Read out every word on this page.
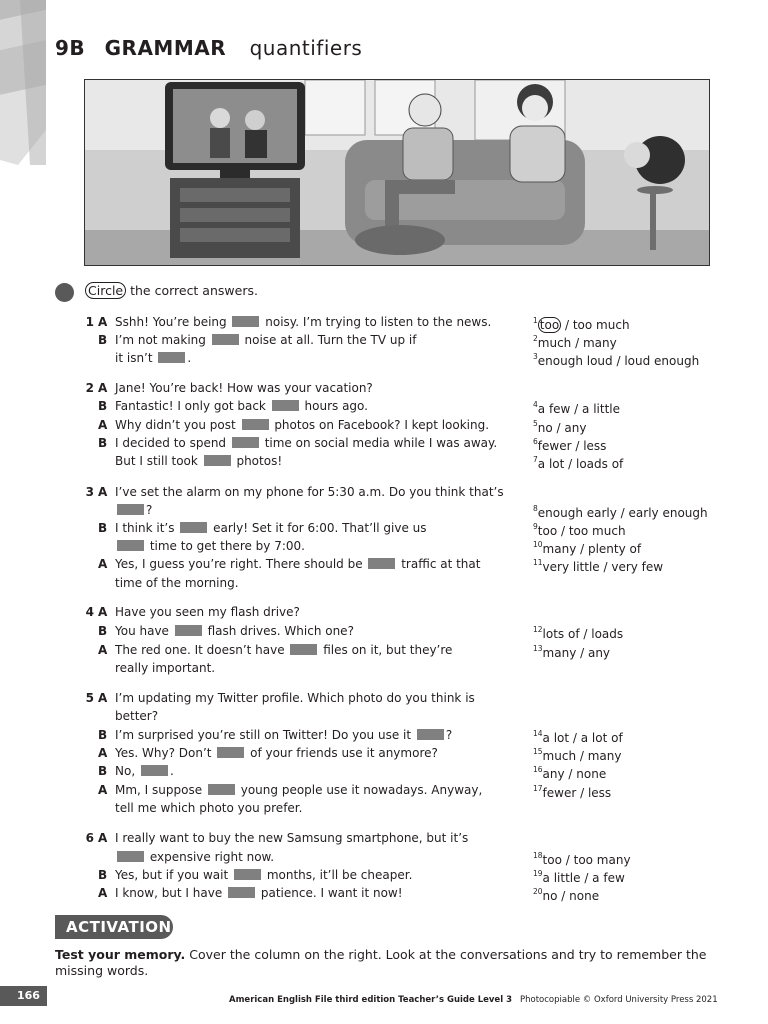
9B GRAMMAR quantifiers
Circle the correct answers.
1 A Sshh! You’re being	noisy. I’m trying to listen to the news.
B I’m not making	noise at all. Turn the TV up if
it isn’t	.
2 A Jane! You’re back! How was your vacation?
B Fantastic! I only got back	hours ago.
A Why didn’t you post	photos on Facebook? I kept looking.
B I decided to spend	time on social media while I was away.
But I still took	photos!
3 A I’ve set the alarm on my phone for 5:30 a.m. Do you think that’s
?
B I think it’s	early! Set it for 6:00. That’ll give us
time to get there by 7:00.
A Yes, I guess you’re right. There should be	traffic at that
time of the morning.
4 A Have you seen my flash drive?
B You have	flash drives. Which one?
A The red one. It doesn’t have	files on it, but they’re
really important.
5 A I’m updating my Twitter profile. Which photo do you think is
better?
B I’m surprised you’re still on Twitter! Do you use it	?
A Yes. Why? Don’t	of your friends use it anymore?
B No,	.
A Mm, I suppose	young people use it nowadays. Anyway,
tell me which photo you prefer.
6 A I really want to buy the new Samsung smartphone, but it’s
expensive right now.
B Yes, but if you wait	months, it’ll be cheaper.
A I know, but I have	patience. I want it now!
$^1$ too / too much
$^2$much / many
$^3$enough loud / loud enough
$^4$a few / a little
$^5$no / any
$^6$fewer / less
$^7$a lot / loads of
$^8$enough early / early enough
$^9$too / too much
$^{10}$many / plenty of
$^{11}$very little / very few
$^{12}$lots of / loads
$^{13}$many / any
$^{14}$a lot / a lot of
$^{15}$much / many
$^{16}$any / none
$^{17}$fewer / less
$^{18}$too / too many
$^{19}$a little / a few
$^{20}$no / none
ACTIVATION
Test your memory. Cover the column on the right. Look at the conversations and try to remember the missing words.
166	American English File third edition Teacher’s Guide Level 3 Photocopiable © Oxford University Press 2021
